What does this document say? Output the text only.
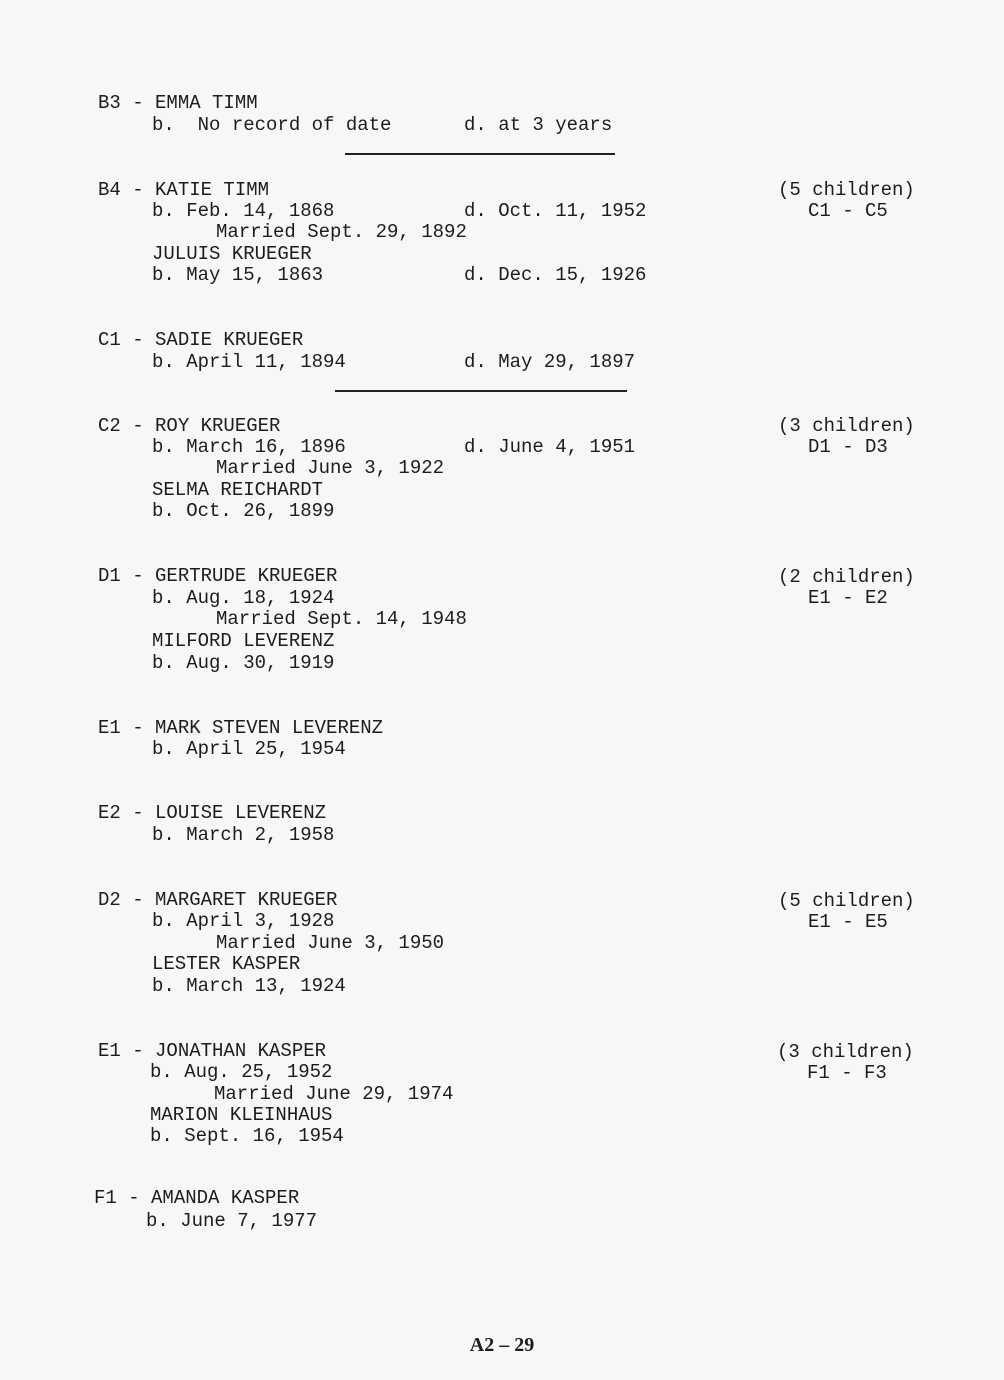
B3 - EMMA TIMM
b.  No record of date	d. at 3 years
B4 - KATIE TIMM
b. Feb. 14, 1868
Married Sept. 29, 1892
JULUIS KRUEGER
b. May 15, 1863
d. Oct. 11, 1952
d. Dec. 15, 1926
(5 children)
C1 - C5
C1 - SADIE KRUEGER
b. April 11, 1894	d. May 29, 1897
C2 - ROY KRUEGER
b. March 16, 1896
Married June 3, 1922
SELMA REICHARDT
b. Oct. 26, 1899
d. June 4, 1951
(3 children)
D1 - D3
D1 - GERTRUDE KRUEGER
b. Aug. 18, 1924
Married Sept. 14, 1948
MILFORD LEVERENZ
b. Aug. 30, 1919
(2 children)
E1 - E2
E1 - MARK STEVEN LEVERENZ
b. April 25, 1954
E2 - LOUISE LEVERENZ
b. March 2, 1958
D2 - MARGARET KRUEGER
b. April 3, 1928
Married June 3, 1950
LESTER KASPER
b. March 13, 1924
(5 children)
E1 - E5
E1 - JONATHAN KASPER
b. Aug. 25, 1952
Married June 29, 1974
MARION KLEINHAUS
b. Sept. 16, 1954
(3 children)
F1 - F3
F1 - AMANDA KASPER
b. June 7, 1977
A2 – 29
